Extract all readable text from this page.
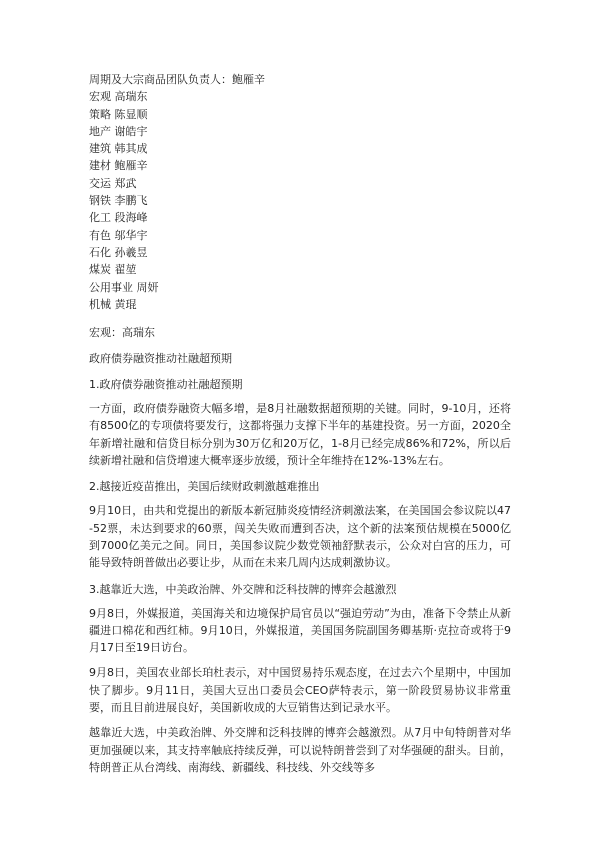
周期及大宗商品团队负责人：鲍雁辛
宏观 高瑞东
策略 陈显顺
地产 谢皓宇
建筑 韩其成
建材 鲍雁辛
交运 郑武
钢铁 李鹏飞
化工 段海峰
有色 邬华宇
石化 孙羲昱
煤炭 翟堃
公用事业 周妍
机械 黄琨
宏观：高瑞东
政府债券融资推动社融超预期
1.政府债券融资推动社融超预期
一方面，政府债券融资大幅多增，是8月社融数据超预期的关键。同时，9-10月，还将有8500亿的专项债将要发行，这都将强力支撑下半年的基建投资。另一方面，2020全年新增社融和信贷目标分别为30万亿和20万亿，1-8月已经完成86%和72%，所以后续新增社融和信贷增速大概率逐步放缓，预计全年维持在12%-13%左右。
2.越接近疫苗推出，美国后续财政刺激越难推出
9月10日，由共和党提出的新版本新冠肺炎疫情经济刺激法案，在美国国会参议院以47-52票，未达到要求的60票，闯关失败而遭到否决，这个新的法案预估规模在5000亿到7000亿美元之间。同日，美国参议院少数党领袖舒默表示，公众对白宫的压力，可能导致特朗普做出必要让步，从而在未来几周内达成刺激协议。
3.越靠近大选，中美政治牌、外交牌和泛科技牌的博弈会越激烈
9月8日，外媒报道，美国海关和边境保护局官员以“强迫劳动”为由，准备下令禁止从新疆进口棉花和西红柿。9月10日，外媒报道，美国国务院副国务卿基斯·克拉奇或将于9月17日至19日访台。
9月8日，美国农业部长珀杜表示，对中国贸易持乐观态度，在过去六个星期中，中国加快了脚步。9月11日，美国大豆出口委员会CEO萨特表示，第一阶段贸易协议非常重要，而且目前进展良好，美国新收成的大豆销售达到记录水平。
越靠近大选，中美政治牌、外交牌和泛科技牌的博弈会越激烈。从7月中旬特朗普对华更加强硬以来，其支持率触底持续反弹，可以说特朗普尝到了对华强硬的甜头。目前，特朗普正从台湾线、南海线、新疆线、科技线、外交线等多
